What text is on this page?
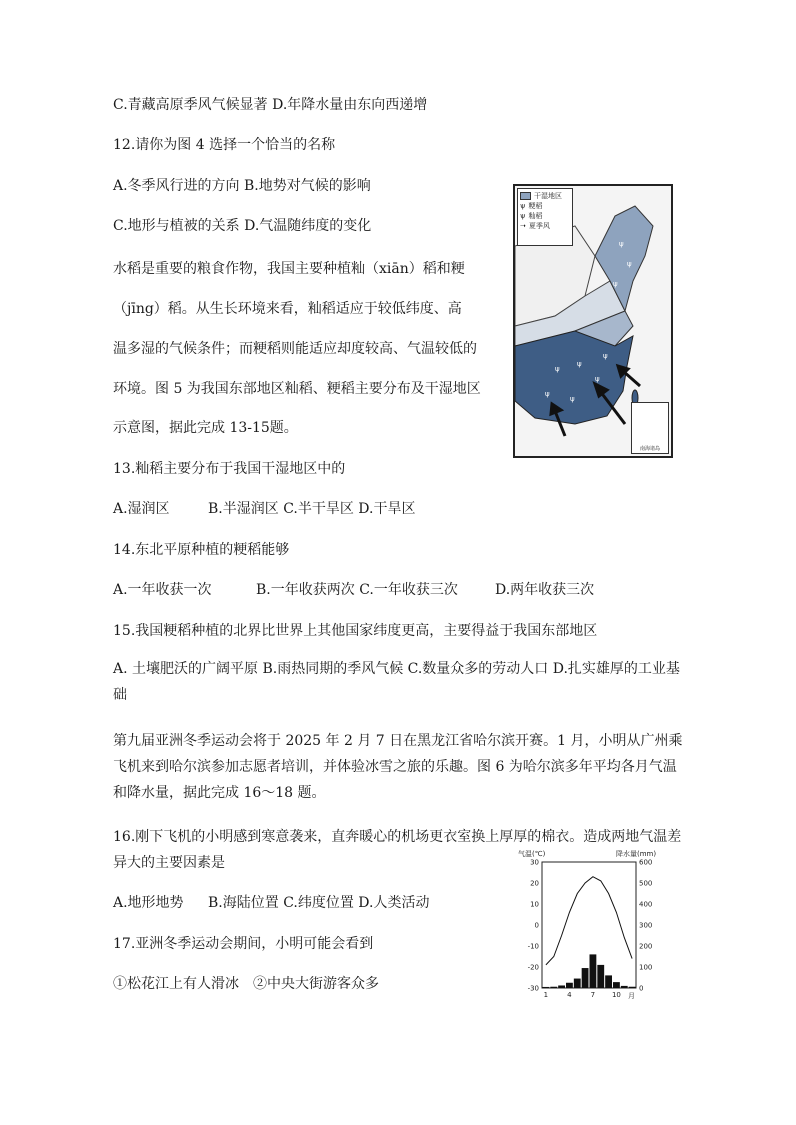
C.青藏高原季风气候显著 D.年降水量由东向西递增
12.请你为图 4 选择一个恰当的名称
A.冬季风行进的方向 B.地势对气候的影响
C.地形与植被的关系 D.气温随纬度的变化
水稻是重要的粮食作物，我国主要种植籼（xiān）稻和粳
（jīng）稻。从生长环境来看，籼稻适应于较低纬度、高
温多湿的气候条件；而粳稻则能适应却度较高、气温较低的
环境。图 5 为我国东部地区籼稻、粳稻主要分布及干湿地区
示意图，据此完成 13-15题。
13.籼稻主要分布于我国干湿地区中的
A.湿润区	B.半湿润区 C.半干旱区 D.干旱区
14.东北平原种植的粳稻能够
A.一年收获一次	B.一年收获两次 C.一年收获三次	D.两年收获三次
15.我国粳稻种植的北界比世界上其他国家纬度更高，主要得益于我国东部地区
A. 土壤肥沃的广阔平原 B.雨热同期的季风气候 C.数量众多的劳动人口 D.扎实雄厚的工业基础
第九届亚洲冬季运动会将于 2025 年 2 月 7 日在黑龙江省哈尔滨开赛。1 月，小明从广州乘飞机来到哈尔滨参加志愿者培训，并体验冰雪之旅的乐趣。图 6 为哈尔滨多年平均各月气温和降水量，据此完成 16～18 题。
16.刚下飞机的小明感到寒意袭来，直奔暖心的机场更衣室换上厚厚的棉衣。造成两地气温差异大的主要因素是
A.地形地势 B.海陆位置 C.纬度位置 D.人类活动
17.亚洲冬季运动会期间，小明可能会看到
①松花江上有人滑冰　②中央大街游客众多
ψ
ψ
ψ
ψ
ψ
ψ
ψ
ψ
ψ
干湿地区
ψ 粳稻
ψ 籼稻
➝ 夏季风
南海诸岛
气温(℃)	降水量(mm)
30
20
10
0
-10
-20
-30
600
500
400
300
200
100
0
1	4	7 10 月
